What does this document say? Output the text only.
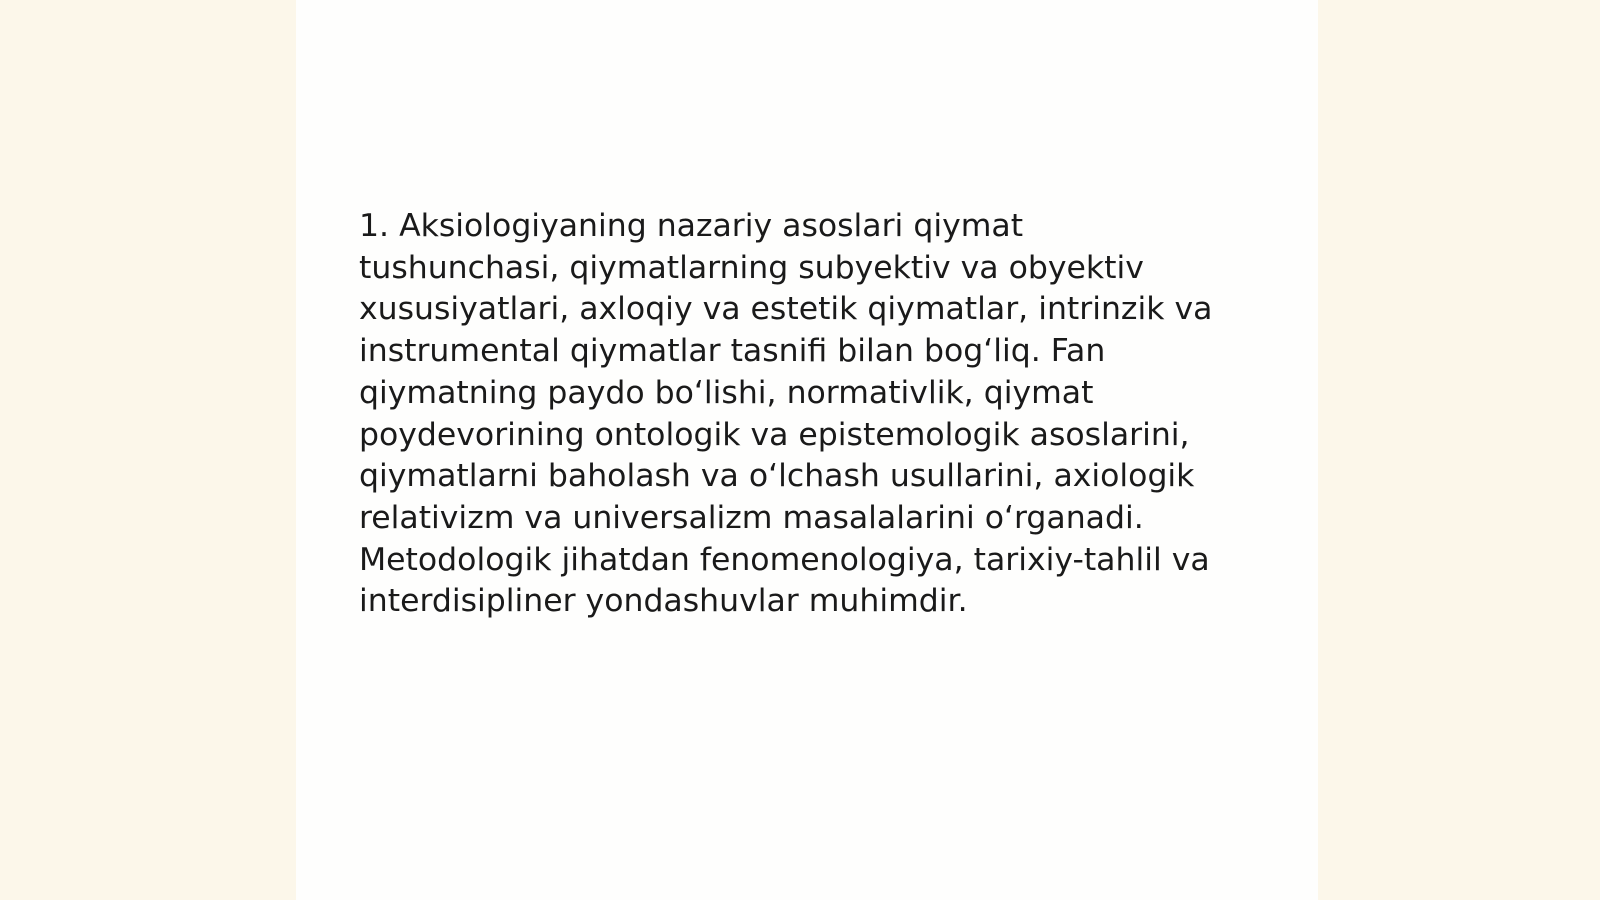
1. Aksiologiyaning nazariy asoslari qiymat
tushunchasi, qiymatlarning subyektiv va obyektiv
xususiyatlari, axloqiy va estetik qiymatlar, intrinzik va
instrumental qiymatlar tasnifi bilan bog‘liq. Fan
qiymatning paydo bo‘lishi, normativlik, qiymat
poydevorining ontologik va epistemologik asoslarini,
qiymatlarni baholash va o‘lchash usullarini, axiologik
relativizm va universalizm masalalarini o‘rganadi.
Metodologik jihatdan fenomenologiya, tarixiy-tahlil va
interdisipliner yondashuvlar muhimdir.
